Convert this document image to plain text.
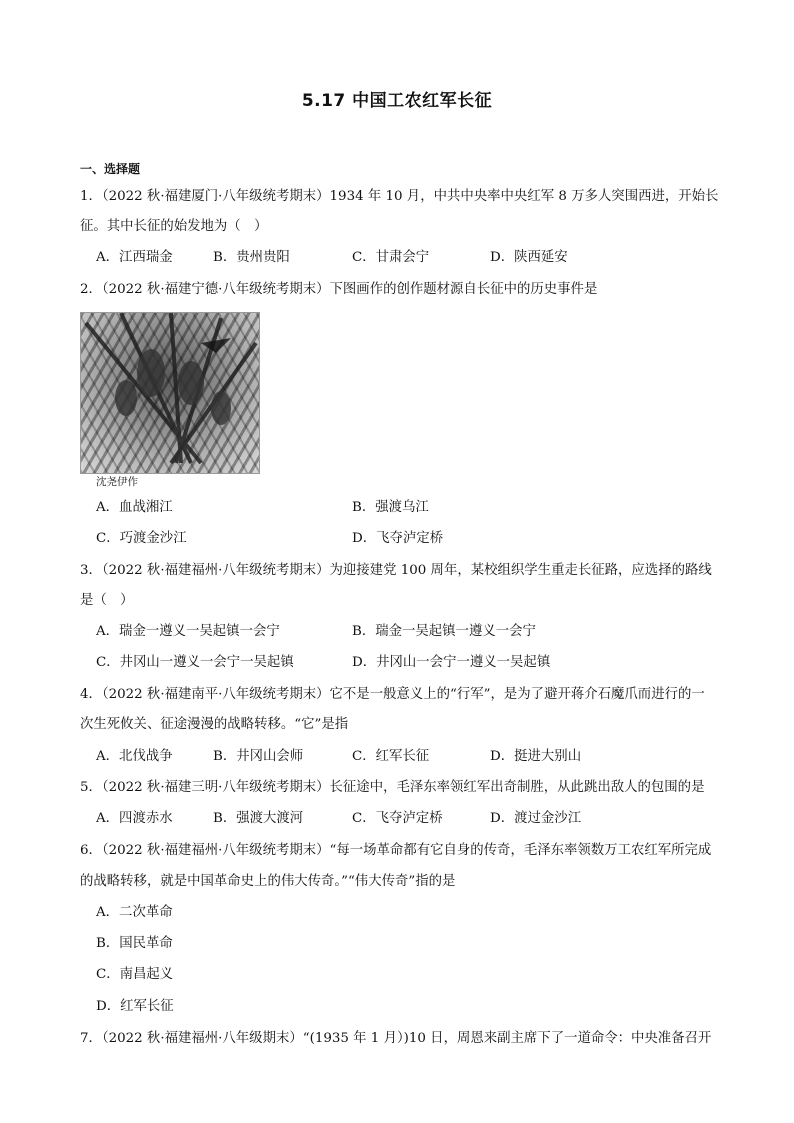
5.17 中国工农红军长征
一、选择题
1．（2022 秋·福建厦门·八年级统考期末）1934 年 10 月，中共中央率中央红军 8 万多人突围西进，开始长
征。其中长征的始发地为（　）
A．江西瑞金	B．贵州贵阳	C．甘肃会宁	D．陕西延安
2．（2022 秋·福建宁德·八年级统考期末）下图画作的创作题材源自长征中的历史事件是
沈尧伊作
A．血战湘江	B．强渡乌江
C．巧渡金沙江	D．飞夺泸定桥
3．（2022 秋·福建福州·八年级统考期末）为迎接建党 100 周年，某校组织学生重走长征路，应选择的路线
是（　）
A．瑞金一遵义一吴起镇一会宁	B．瑞金一吴起镇一遵义一会宁
C．井冈山一遵义一会宁一吴起镇	D．井冈山一会宁一遵义一吴起镇
4．（2022 秋·福建南平·八年级统考期末）它不是一般意义上的“行军”，是为了避开蒋介石魔爪而进行的一
次生死攸关、征途漫漫的战略转移。“它”是指
A．北伐战争	B．井冈山会师	C．红军长征	D．挺进大别山
5．（2022 秋·福建三明·八年级统考期末）长征途中，毛泽东率领红军出奇制胜，从此跳出敌人的包围的是
A．四渡赤水	B．强渡大渡河	C．飞夺泸定桥	D．渡过金沙江
6．（2022 秋·福建福州·八年级统考期末）“每一场革命都有它自身的传奇，毛泽东率领数万工农红军所完成
的战略转移，就是中国革命史上的伟大传奇。”“伟大传奇”指的是
A．二次革命
B．国民革命
C．南昌起义
D．红军长征
7．（2022 秋·福建福州·八年级期末）“(1935 年 1 月）)10 日，周恩来副主席下了一道命令：中央准备召开
